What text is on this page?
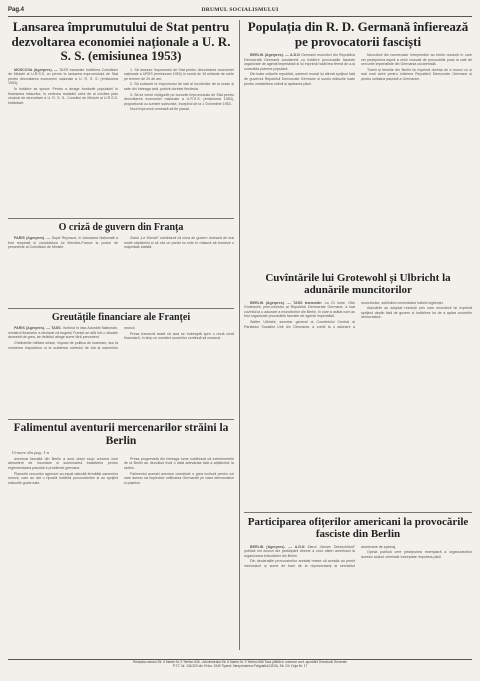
Pag.4	DRUMUL SOCIALISMULUI
Lansarea împrumutului de Stat pentru dezvoltarea economiei naționale a U. R. S. S. (emisiunea 1953)

MOSCOVA (Agerpres). — TASS transmite hotărîrea Consiliului de Miniștri al U.R.S.S. cu privire la lansarea împrumutului de Stat pentru dezvoltarea economiei naționale a U. R. S. S. (emisiunea 1953):

În hotărîre se spune: Pentru a atrage fondurile populației în finanțarea măsurilor, în vederea realizării celui de al cincilea plan cincinal de dezvoltare a U. R. S. S., Consiliul de Miniștri al U.R.S.S. hotărăște:

1. Să lanseze împrumutul de Stat pentru dezvoltarea economiei naționale a URSS (emisiunea 1953) în sumă de 15 miliarde de ruble pe termen de 20 de ani.

2. Să subscrie la împrumutul de stat al locuitorilor de la orașe și sate din întreaga țară, potrivit dorinței fiecăruia.

3. Să se verse cîștigurile pe bonurile împrumutului de Stat pentru dezvoltarea economiei naționale a U.R.S.S. (emisiunea 1953), proporțional cu sumele subscrise, începînd de la 1 Octombrie 1953.

Noul împrumut urmează să fie plasat.

Populația din R. D. Germană înfierează pe provocatorii fasciști

BERLIN (Agerpres). — A.D.N Germanii muncitori din Republica Democrată Germană condamnă cu hotărîre provocațiile fasciste organizate de agenții imperialiști și își exprimă hotărîrea fermă de a-și consolida puterea populară.

Din toate colțurile republicii, oamenii muncii își afirmă sprijinul față de guvernul Republicii Democrate Germane și susțin măsurile luate pentru restabilirea ordinii și apărarea păcii.

Muncitorii din numeroase întreprinderi au trimis rezoluții în care cer pedepsirea aspră a celor vinovați de provocările puse la cale de cercurile imperialiste din Germania occidentală.

Tinerii și femeile din Berlin își exprimă dorința de a munci cu și mai mult avînt pentru întărirea Republicii Democrate Germane și pentru unitatea pașnică a Germaniei.

O criză de guvern din Franța

PARIS (Agerpres). — După Reynaud, în Adunarea Națională a fost respinsă și candidatura lui Mendès-France la postul de președinte al Consiliului de Miniștri.

Ziarul „Le Monde” subliniază că criza de guvern durează de mai multe săptămîni și că nici un partid nu este în măsură să formeze o majoritate stabilă.

Greutățile financiare ale Franței

PARIS (Agerpres). — TASS. Vorbind în fața Adunării Naționale, ministrul finanțelor a declarat că bugetul Franței se află într-o situație deosebit de grea, iar deficitul atinge sume fără precedent.

Cheltuielile militare uriașe, impuse de politica de înarmare, duc la creșterea impozitelor și la scăderea nivelului de trai al oamenilor muncii.

Presa franceză arată că țara se îndreaptă spre o nouă criză financiară, în timp ce numărul șomerilor continuă să crească.

Cuvîntările lui Grotewohl și Ulbricht la adunările muncitorilor

BERLIN (Agerpres). — TASS transmite: La 21 iunie, Otto Grotewohl, prim-ministru al Republicii Democrate Germane, a luat cuvîntul la o adunare a muncitorilor din Berlin, în care a arătat cum au fost organizate provocările fasciste de agenții imperialiști.

Walter Ulbricht, secretar general al Comitetului Central al Partidului Socialist Unit din Germania, a vorbit la o adunare a muncitorilor, subliniind necesitatea întăririi vigilenței.

Adunările au adoptat rezoluții prin care muncitorii își exprimă sprijinul deplin față de guvern și hotărîrea lor de a apăra cuceririle democratice.

Falimentul aventurii mercenarilor străini la Berlin
Urmare din pag. 1-a

aventura fascistă din Berlin a avut drept scop crearea unei atmosfere de încordare și subminarea tratativelor pentru reglementarea pașnică a problemei germane.

Planurile cercurilor agresive au eșuat datorită fermității oamenilor muncii, care au dat o ripostă hotărîtă provocatorilor și au sprijinit măsurile guvernului.

Presa progresistă din întreaga lume subliniază că evenimentele de la Berlin au dezvăluit încă o dată adevărata față a ațîțătorilor la război.

Falimentul acestei aventuri constituie o grea lovitură pentru cei care doresc să împiedice unificarea Germaniei pe baze democratice și pașnice.

Participarea ofițerilor americani la provocările fasciste din Berlin

BERLIN (Agerpres). — A.D.N Ziarul „Neues Deutschland” publică noi dovezi ale participării directe a unor ofițeri americani la organizarea tulburărilor din Berlin.

Din declarațiile provocatorilor arestați reiese că aceștia au primit instrucțiuni și sume de bani de la reprezentanți ai serviciilor americane de spionaj.

Opinia publică cere pedepsirea exemplară a organizatorilor acestor acțiuni criminale îndreptate împotriva păcii.

Redacția ziarului Str. 6 Martie Nr. 9 Telefon 636 - Administrația Str. 6 Martie Nr. 9 Telefon 666 Taxa plătită în numerar conf. aprobării Direcțiunii Generale
P.T.T. Nr. 136.320 din 9 Nov. 1949 Tiparul: Întreprinderea Poligrafică DEVA, Str. Gh. Doja Nr. 17
